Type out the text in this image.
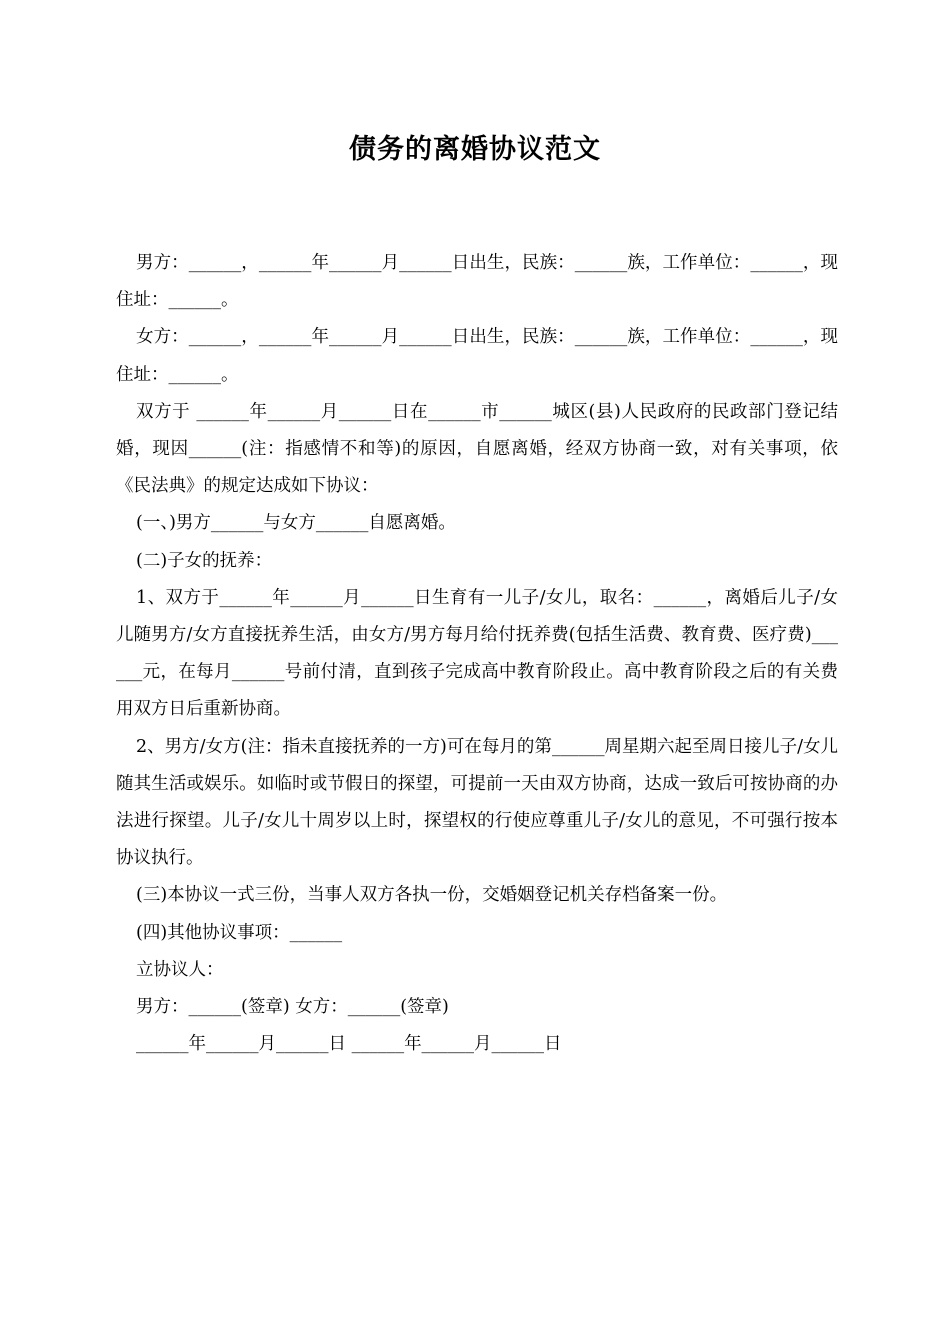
债务的离婚协议范文

男方：______，______年______月______日出生，民族：______族，工作单位：______，现住址：______。

女方：______，______年______月______日出生，民族：______族，工作单位：______，现住址：______。

双方于 ______年______月______日在______市______城区(县)人民政府的民政部门登记结婚，现因______(注：指感情不和等)的原因，自愿离婚，经双方协商一致，对有关事项，依《民法典》的规定达成如下协议：

(一、)男方______与女方______自愿离婚。

(二)子女的抚养：

1、双方于______年______月______日生育有一儿子/女儿，取名：______，离婚后儿子/女儿随男方/女方直接抚养生活，由女方/男方每月给付抚养费(包括生活费、教育费、医疗费)______元，在每月______号前付清，直到孩子完成高中教育阶段止。高中教育阶段之后的有关费用双方日后重新协商。

2、男方/女方(注：指未直接抚养的一方)可在每月的第______周星期六起至周日接儿子/女儿随其生活或娱乐。如临时或节假日的探望，可提前一天由双方协商，达成一致后可按协商的办法进行探望。儿子/女儿十周岁以上时，探望权的行使应尊重儿子/女儿的意见，不可强行按本协议执行。

(三)本协议一式三份，当事人双方各执一份，交婚姻登记机关存档备案一份。

(四)其他协议事项：______

立协议人：

男方：______(签章) 女方：______(签章)

______年______月______日 ______年______月______日
